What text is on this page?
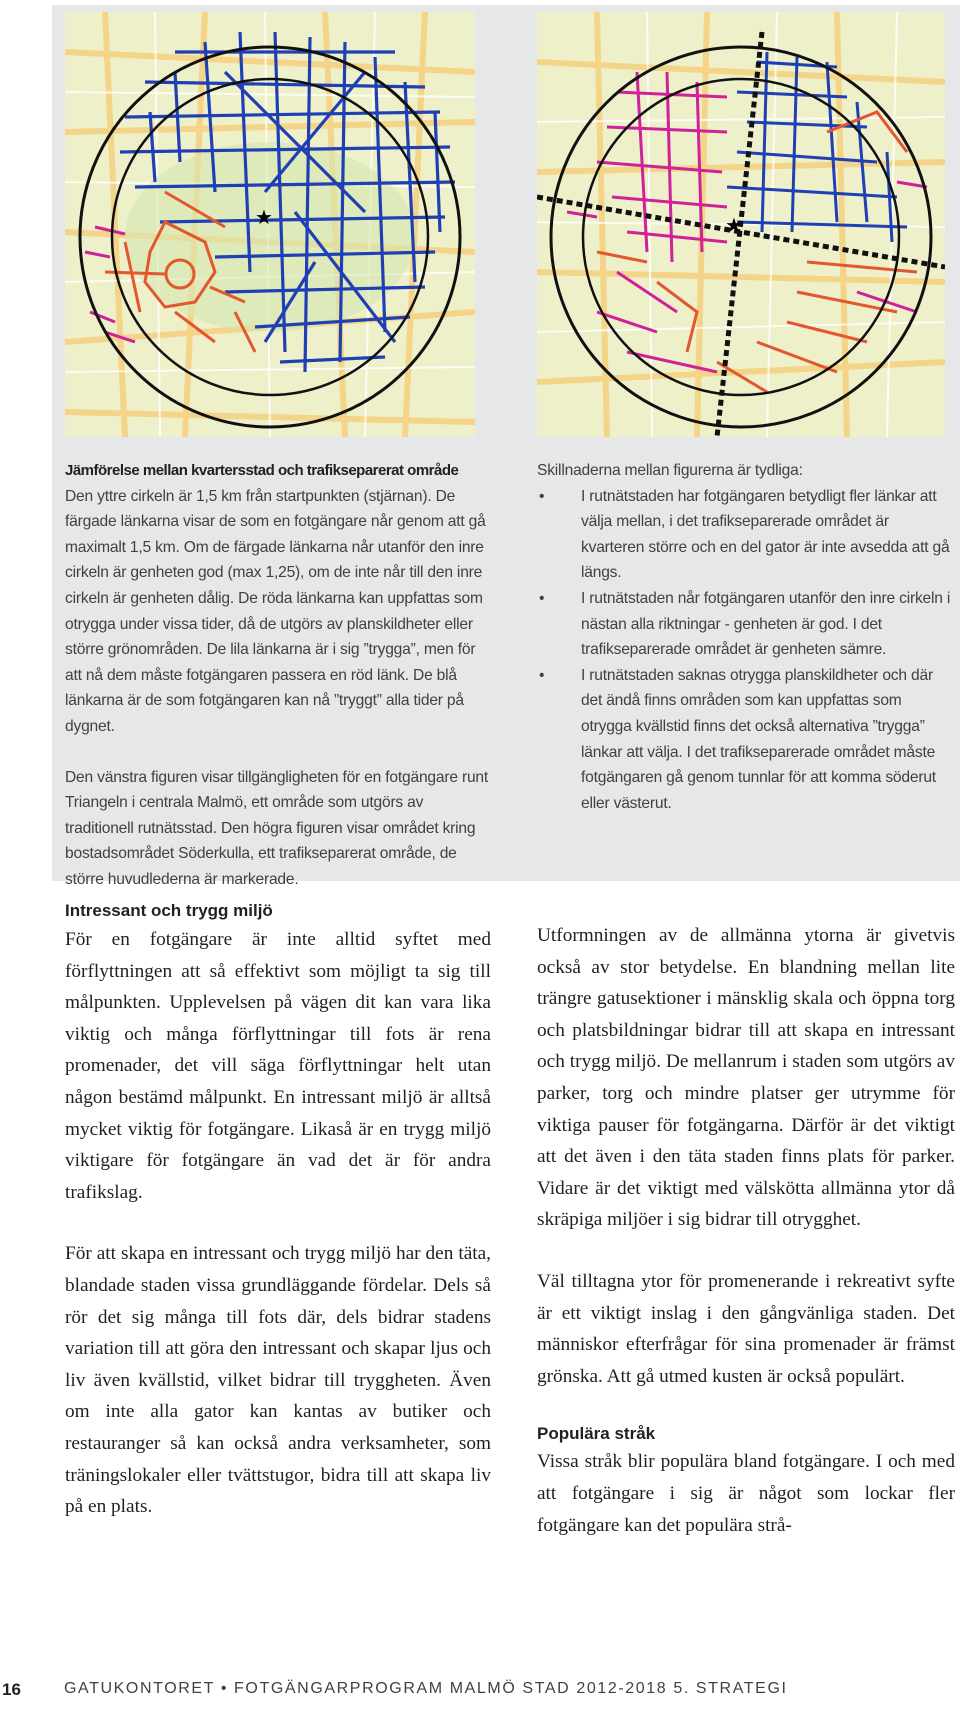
★	★

Jämförelse mellan kvartersstad och trafikseparerat område

Den yttre cirkeln är 1,5 km från startpunkten (stjärnan). De färgade länkarna visar de som en fotgängare når genom att gå maximalt 1,5 km. Om de färgade länkarna når utanför den inre cirkeln är genheten god (max 1,25), om de inte når till den inre cirkeln är genheten dålig. De röda länkarna kan uppfattas som otrygga under vissa tider, då de utgörs av planskildheter eller större grönområden. De lila länkarna är i sig ”trygga”, men för att nå dem måste fotgängaren passera en röd länk. De blå länkarna är de som fotgängaren kan nå ”tryggt” alla tider på dygnet.

Den vänstra figuren visar tillgängligheten för en fotgängare runt Triangeln i centrala Malmö, ett område som utgörs av traditionell rutnätsstad. Den högra figuren visar området kring bostadsområdet Söderkulla, ett trafikseparerat område, de större huvudlederna är markerade.

Skillnaderna mellan figurerna är tydliga:

• I rutnätstaden har fotgängaren betydligt fler länkar att välja mellan, i det trafikseparerade området är kvarteren större och en del gator är inte avsedda att gå längs.
• I rutnätstaden når fotgängaren utanför den inre cirkeln i nästan alla riktningar - genheten är god. I det trafikseparerade området är genheten sämre.
• I rutnätstaden saknas otrygga planskildheter och där det ändå finns områden som kan uppfattas som otrygga kvällstid finns det också alternativa ”trygga” länkar att välja. I det trafikseparerade området måste fotgängaren gå genom tunnlar för att komma söderut eller västerut.
Intressant och trygg miljö

För en fotgängare är inte alltid syftet med förflyttningen att så effektivt som möjligt ta sig till målpunkten. Upplevelsen på vägen dit kan vara lika viktig och många förflyttningar till fots är rena promenader, det vill säga förflyttningar helt utan någon bestämd målpunkt. En intressant miljö är alltså mycket viktig för fotgängare. Likaså är en trygg miljö viktigare för fotgängare än vad det är för andra trafikslag.

För att skapa en intressant och trygg miljö har den täta, blandade staden vissa grundläggande fördelar. Dels så rör det sig många till fots där, dels bidrar stadens variation till att göra den intressant och skapar ljus och liv även kvällstid, vilket bidrar till tryggheten. Även om inte alla gator kan kantas av butiker och restauranger så kan också andra verksamheter, som träningslokaler eller tvättstugor, bidra till att skapa liv på en plats.

Utformningen av de allmänna ytorna är givetvis också av stor betydelse. En blandning mellan lite trängre gatusektioner i mänsklig skala och öppna torg och platsbildningar bidrar till att skapa en intressant och trygg miljö. De mellanrum i staden som utgörs av parker, torg och mindre platser ger utrymme för viktiga pauser för fotgängarna. Därför är det viktigt att det även i den täta staden finns plats för parker. Vidare är det viktigt med välskötta allmänna ytor då skräpiga miljöer i sig bidrar till otrygghet.

Väl tilltagna ytor för promenerande i rekreativt syfte är ett viktigt inslag i den gångvänliga staden. Det människor efterfrågar för sina promenader är främst grönska. Att gå utmed kusten är också populärt.

Populära stråk

Vissa stråk blir populära bland fotgängare. I och med att fotgängare i sig är något som lockar fler fotgängare kan det populära strå-

16	GATUKONTORET • FOTGÄNGARPROGRAM MALMÖ STAD 2012-2018 5. STRATEGI
